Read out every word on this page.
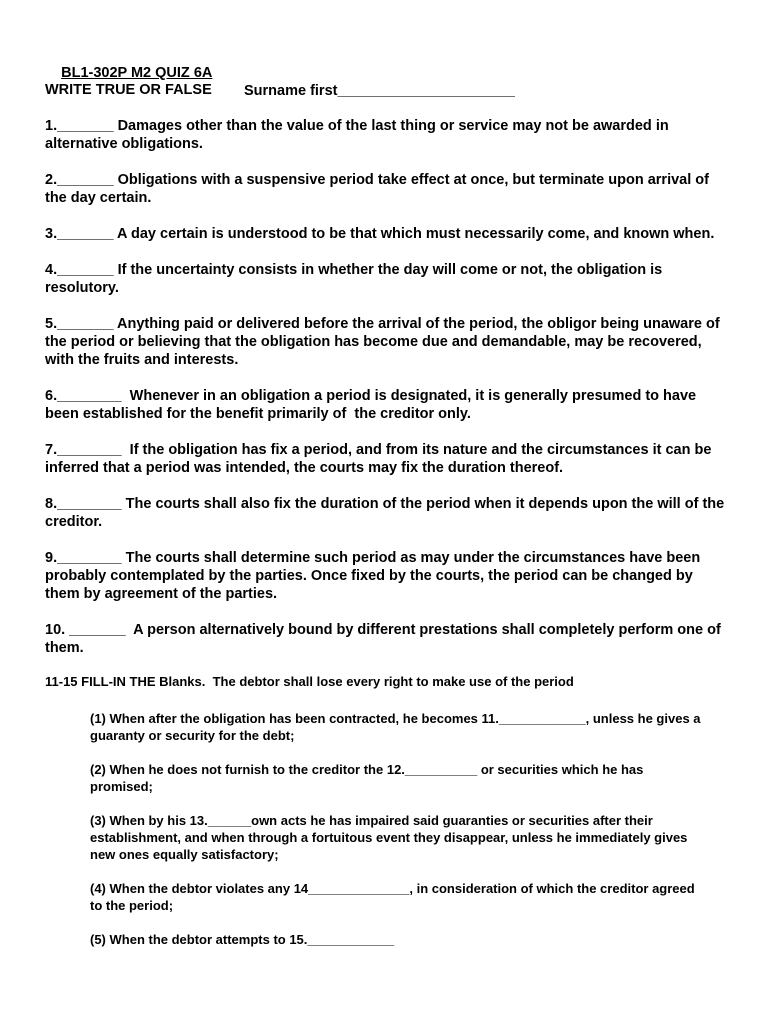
BL1-302P M2 QUIZ 6A

Surname first______________________

WRITE TRUE OR FALSE
1._______ Damages other than the value of the last thing or service may not be awarded in alternative obligations.
2._______ Obligations with a suspensive period take effect at once, but terminate upon arrival of the day certain.
3._______ A day certain is understood to be that which must necessarily come, and known when.
4._______ If the uncertainty consists in whether the day will come or not, the obligation is resolutory.
5._______ Anything paid or delivered before the arrival of the period, the obligor being unaware of the period or believing that the obligation has become due and demandable, may be recovered, with the fruits and interests.
6.________  Whenever in an obligation a period is designated, it is generally presumed to have been established for the benefit primarily of  the creditor only.
7.________  If the obligation has fix a period, and from its nature and the circumstances it can be inferred that a period was intended, the courts may fix the duration thereof.
8.________ The courts shall also fix the duration of the period when it depends upon the will of the creditor.
9.________ The courts shall determine such period as may under the circumstances have been probably contemplated by the parties. Once fixed by the courts, the period can be changed by them by agreement of the parties.
10. _______  A person alternatively bound by different prestations shall completely perform one of them.
11-15 FILL-IN THE Blanks.  The debtor shall lose every right to make use of the period
(1) When after the obligation has been contracted, he becomes 11.____________, unless he gives a guaranty or security for the debt;
(2) When he does not furnish to the creditor the 12.__________ or securities which he has promised;
(3) When by his 13.______own acts he has impaired said guaranties or securities after their establishment, and when through a fortuitous event they disappear, unless he immediately gives new ones equally satisfactory;
(4) When the debtor violates any 14______________, in consideration of which the creditor agreed to the period;
(5) When the debtor attempts to 15.____________
